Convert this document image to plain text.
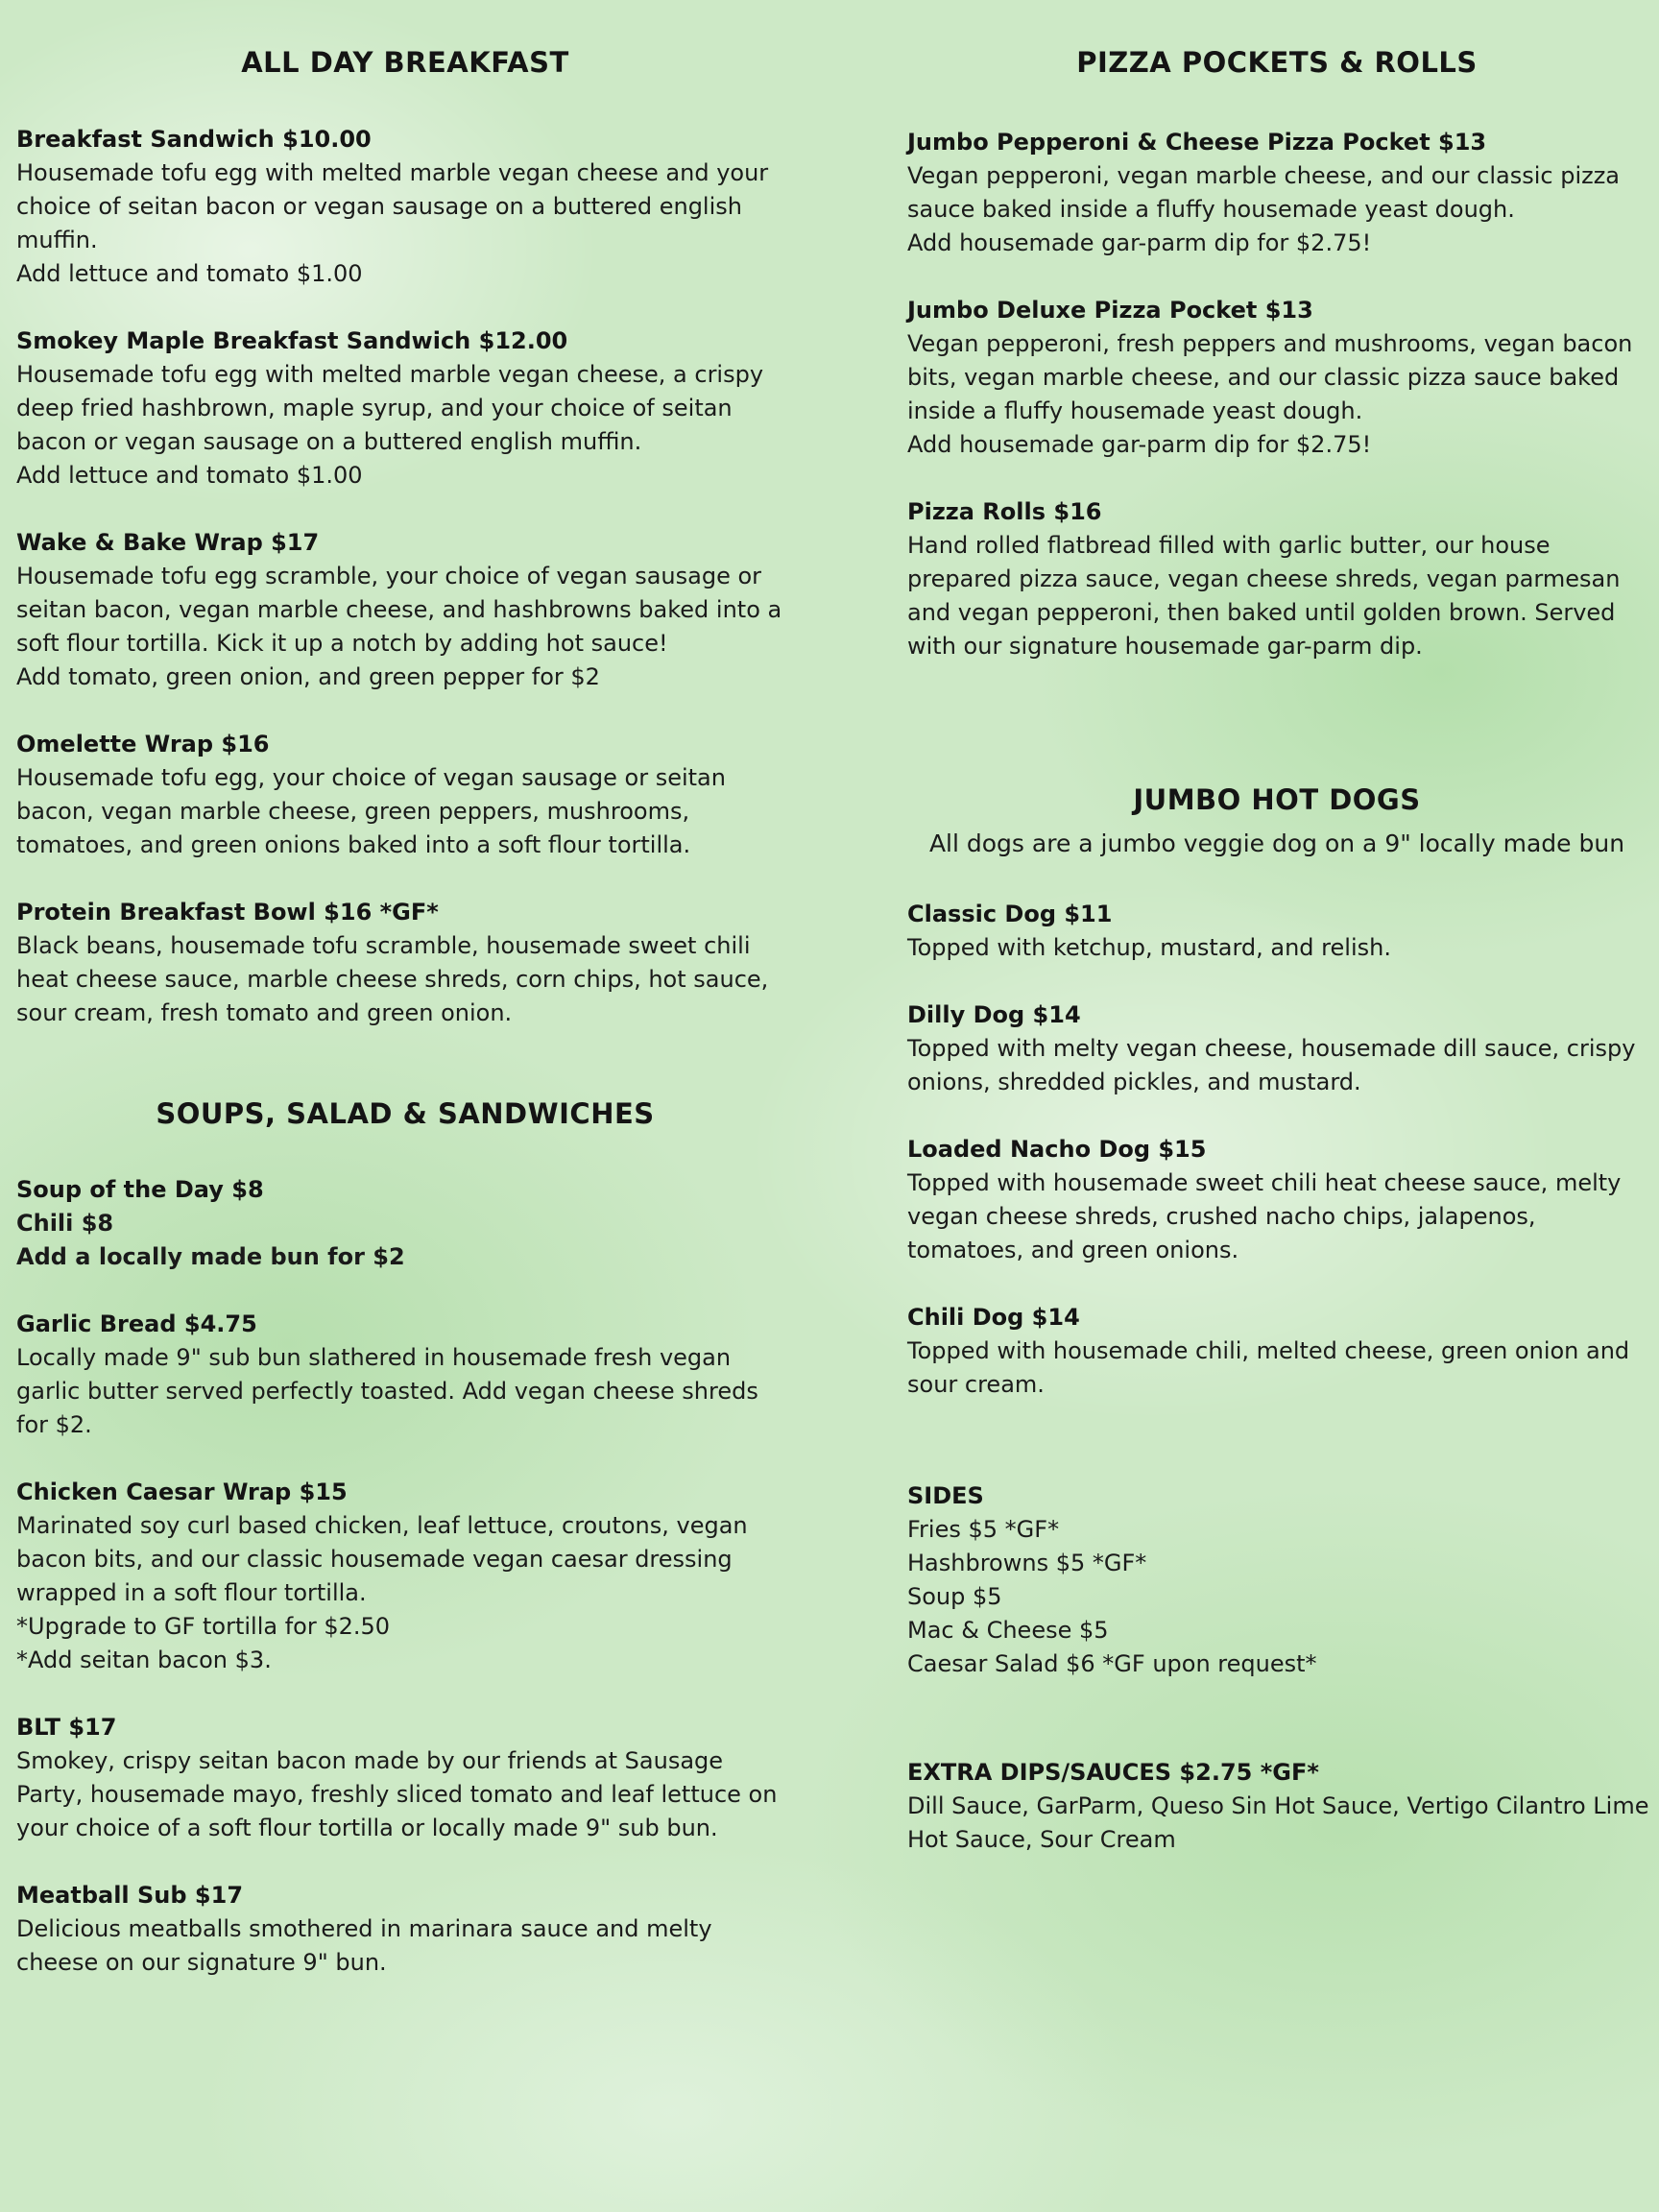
ALL DAY BREAKFAST
Breakfast Sandwich $10.00
Housemade tofu egg with melted marble vegan cheese and your
choice of seitan bacon or vegan sausage on a buttered english
muffin.
Add lettuce and tomato $1.00
Smokey Maple Breakfast Sandwich $12.00
Housemade tofu egg with melted marble vegan cheese, a crispy
deep fried hashbrown, maple syrup, and your choice of seitan
bacon or vegan sausage on a buttered english muffin.
Add lettuce and tomato $1.00
Wake & Bake Wrap $17
Housemade tofu egg scramble, your choice of vegan sausage or
seitan bacon, vegan marble cheese, and hashbrowns baked into a
soft flour tortilla. Kick it up a notch by adding hot sauce!
Add tomato, green onion, and green pepper for $2
Omelette Wrap $16
Housemade tofu egg, your choice of vegan sausage or seitan
bacon, vegan marble cheese, green peppers, mushrooms,
tomatoes, and green onions baked into a soft flour tortilla.
Protein Breakfast Bowl $16 *GF*
Black beans, housemade tofu scramble, housemade sweet chili
heat cheese sauce, marble cheese shreds, corn chips, hot sauce,
sour cream, fresh tomato and green onion.
SOUPS, SALAD & SANDWICHES
Soup of the Day $8
Chili $8
Add a locally made bun for $2
Garlic Bread $4.75
Locally made 9" sub bun slathered in housemade fresh vegan
garlic butter served perfectly toasted. Add vegan cheese shreds
for $2.
Chicken Caesar Wrap $15
Marinated soy curl based chicken, leaf lettuce, croutons, vegan
bacon bits, and our classic housemade vegan caesar dressing
wrapped in a soft flour tortilla.
*Upgrade to GF tortilla for $2.50
*Add seitan bacon $3.
BLT $17
Smokey, crispy seitan bacon made by our friends at Sausage
Party, housemade mayo, freshly sliced tomato and leaf lettuce on
your choice of a soft flour tortilla or locally made 9" sub bun.
Meatball Sub $17
Delicious meatballs smothered in marinara sauce and melty
cheese on our signature 9" bun.
PIZZA POCKETS & ROLLS
Jumbo Pepperoni & Cheese Pizza Pocket $13
Vegan pepperoni, vegan marble cheese, and our classic pizza
sauce baked inside a fluffy housemade yeast dough.
Add housemade gar-parm dip for $2.75!
Jumbo Deluxe Pizza Pocket $13
Vegan pepperoni, fresh peppers and mushrooms, vegan bacon
bits, vegan marble cheese, and our classic pizza sauce baked
inside a fluffy housemade yeast dough.
Add housemade gar-parm dip for $2.75!
Pizza Rolls $16
Hand rolled flatbread filled with garlic butter, our house
prepared pizza sauce, vegan cheese shreds, vegan parmesan
and vegan pepperoni, then baked until golden brown. Served
with our signature housemade gar-parm dip.
JUMBO HOT DOGS

All dogs are a jumbo veggie dog on a 9" locally made bun

Classic Dog $11
Topped with ketchup, mustard, and relish.
Dilly Dog $14
Topped with melty vegan cheese, housemade dill sauce, crispy
onions, shredded pickles, and mustard.
Loaded Nacho Dog $15
Topped with housemade sweet chili heat cheese sauce, melty
vegan cheese shreds, crushed nacho chips, jalapenos,
tomatoes, and green onions.
Chili Dog $14
Topped with housemade chili, melted cheese, green onion and
sour cream.
SIDES
Fries $5 *GF*
Hashbrowns $5 *GF*
Soup $5
Mac & Cheese $5
Caesar Salad $6 *GF upon request*
EXTRA DIPS/SAUCES $2.75 *GF*
Dill Sauce, GarParm, Queso Sin Hot Sauce, Vertigo Cilantro Lime
Hot Sauce, Sour Cream
